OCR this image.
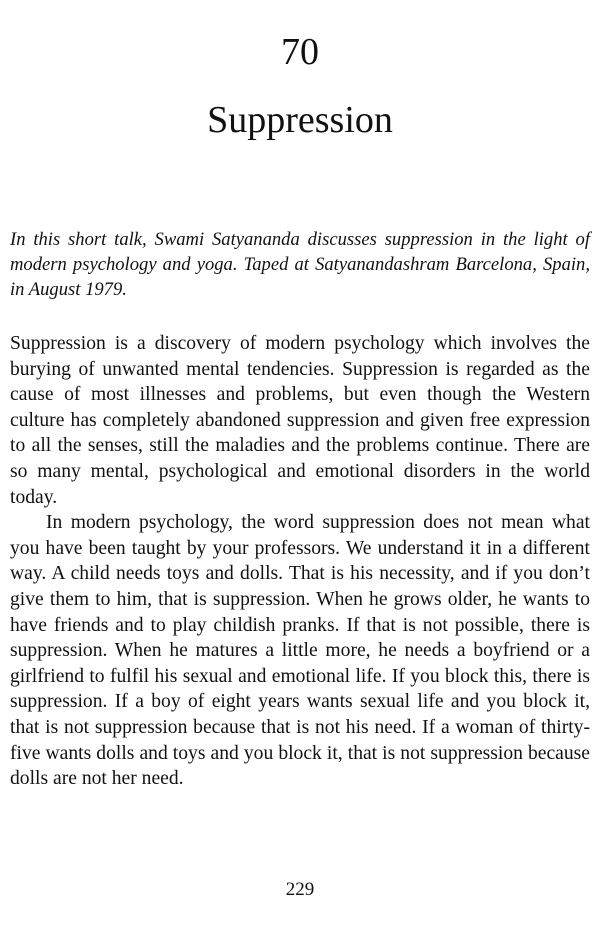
70
Suppression

In this short talk, Swami Satyananda discusses suppression in the light of modern psychology and yoga. Taped at Satyanandashram Barcelona, Spain, in August 1979.

Suppression is a discovery of modern psychology which involves the burying of unwanted mental tendencies. Suppression is regarded as the cause of most illnesses and problems, but even though the Western culture has completely abandoned suppression and given free expression to all the senses, still the maladies and the problems continue. There are so many mental, psychological and emotional disorders in the world today.

In modern psychology, the word suppression does not mean what you have been taught by your professors. We understand it in a different way. A child needs toys and dolls. That is his necessity, and if you don’t give them to him, that is suppression. When he grows older, he wants to have friends and to play childish pranks. If that is not possible, there is suppression. When he matures a little more, he needs a boyfriend or a girlfriend to fulfil his sexual and emotional life. If you block this, there is suppression. If a boy of eight years wants sexual life and you block it, that is not suppression because that is not his need. If a woman of thirty-five wants dolls and toys and you block it, that is not suppression because dolls are not her need.

229
